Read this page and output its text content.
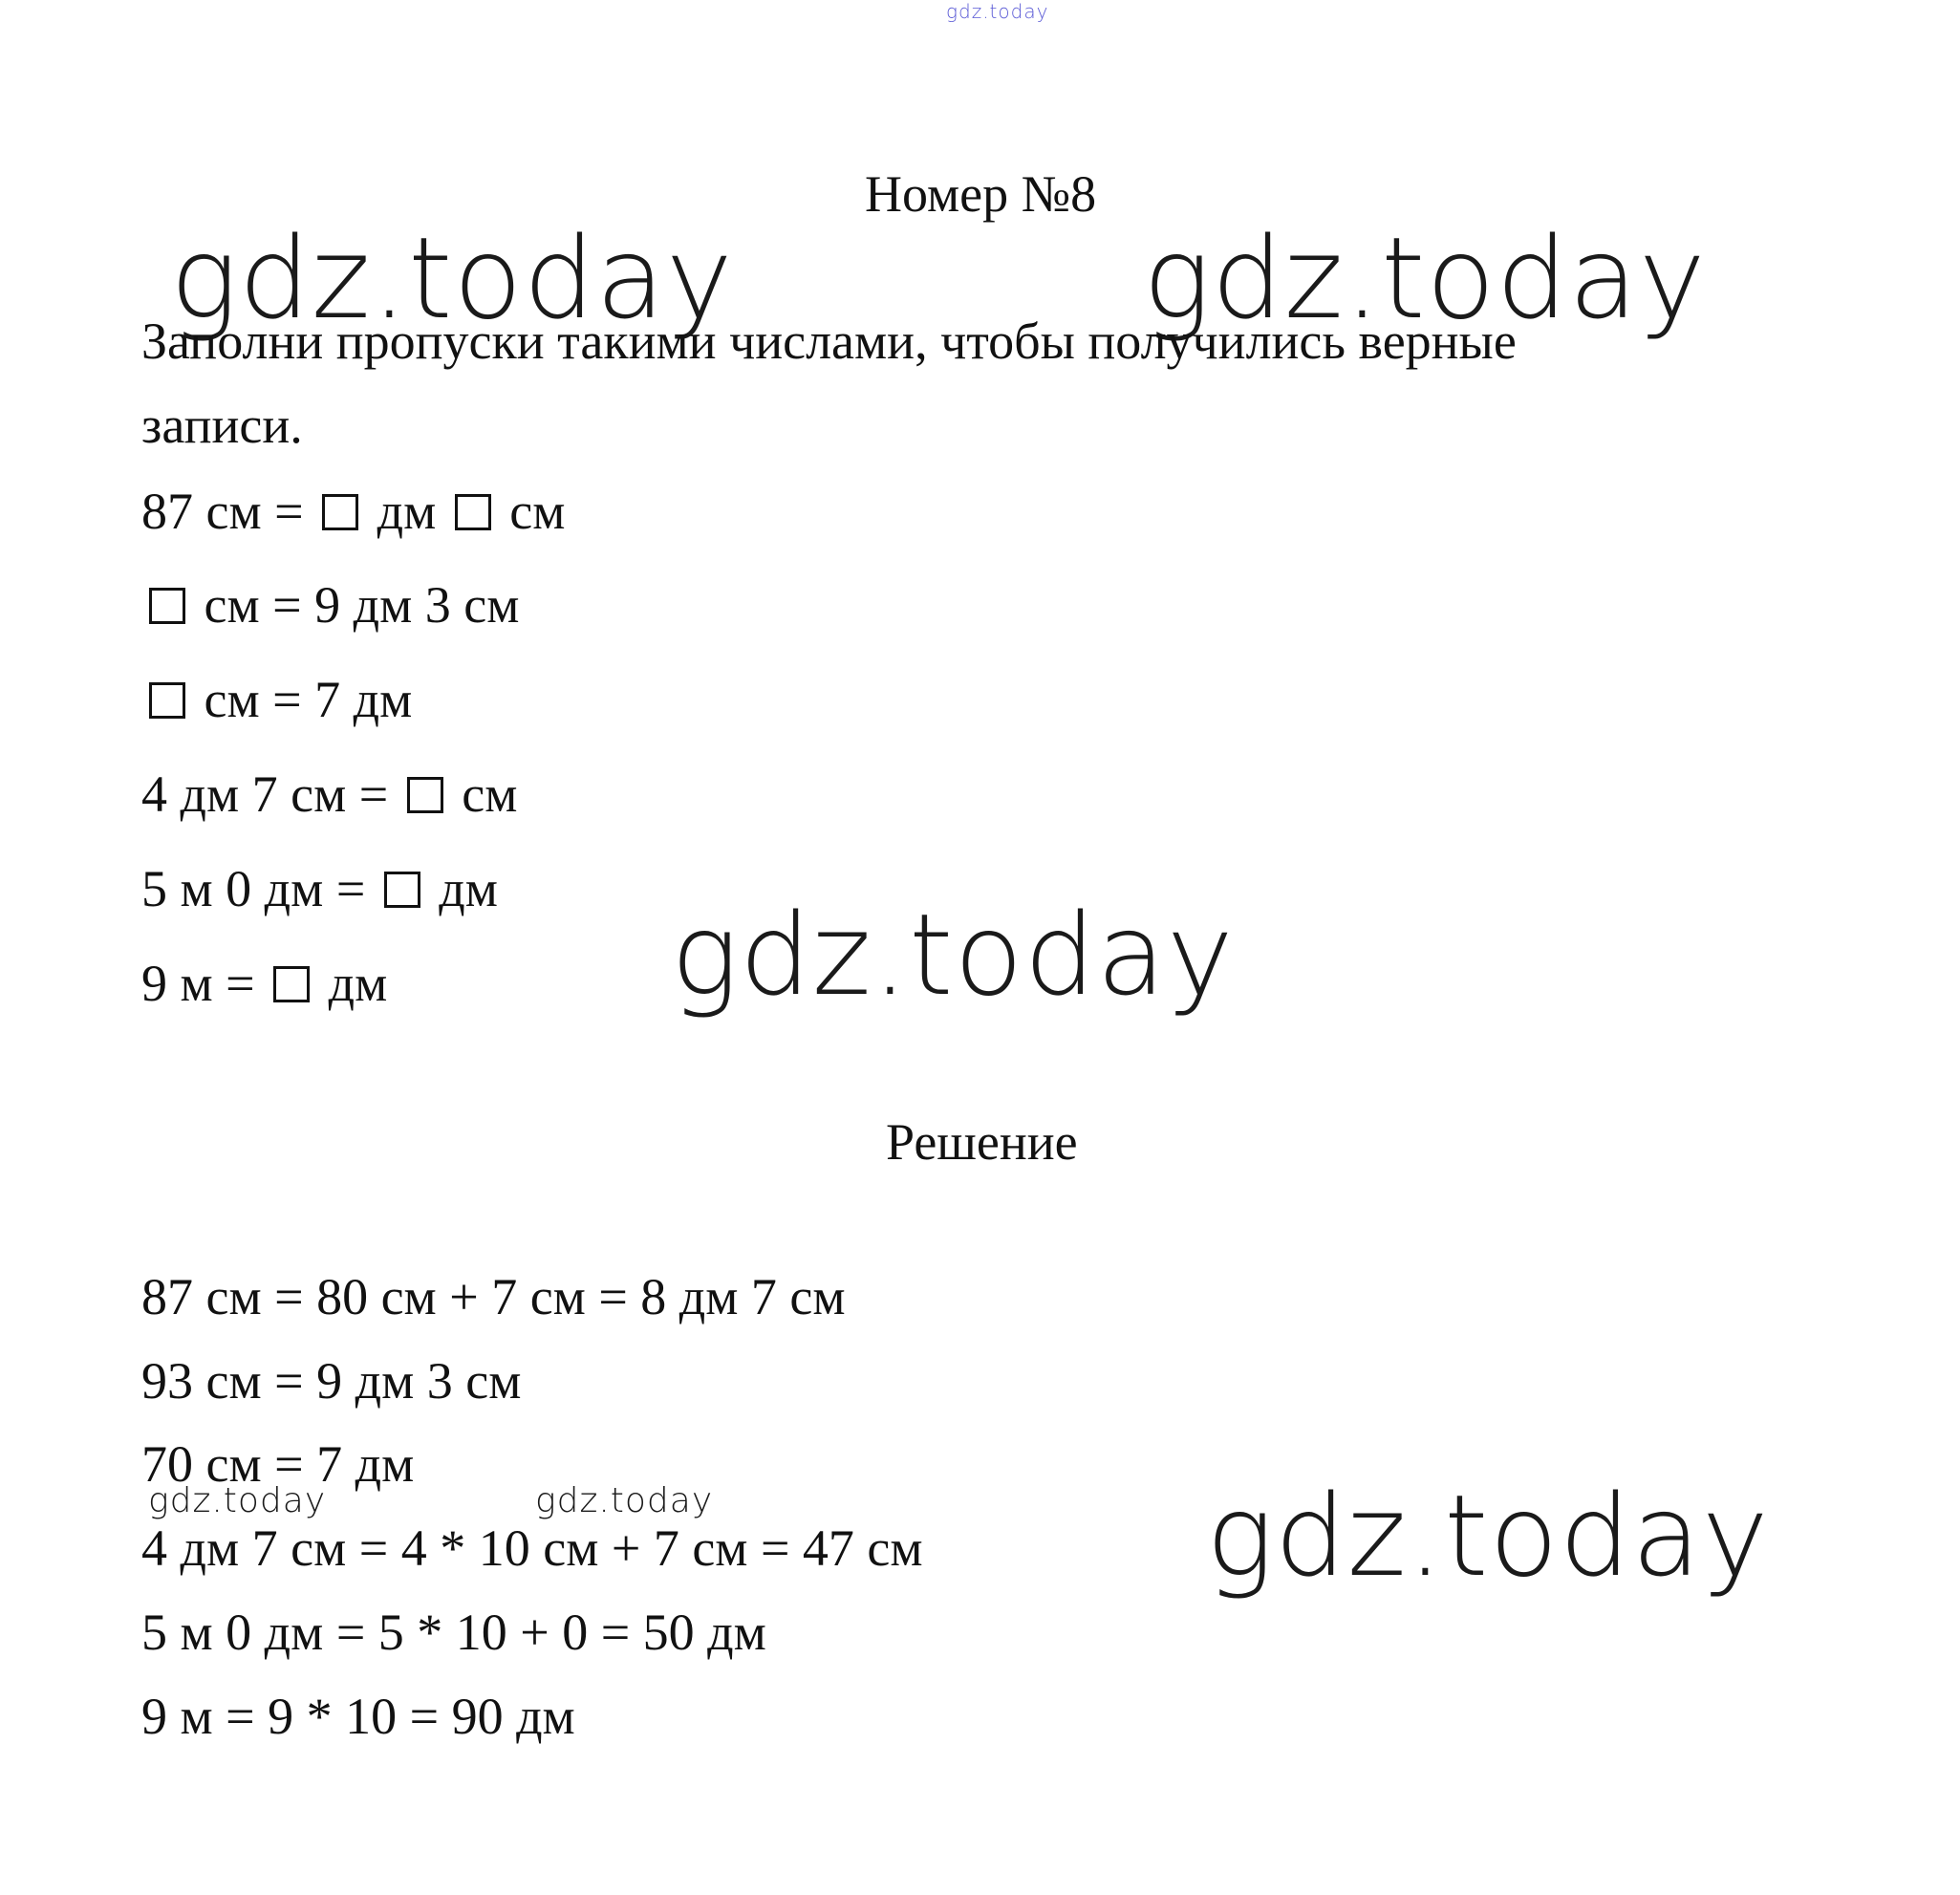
gdz.today
Номер №8
gdz.today	gdz.today
Заполни пропуски такими числами, чтобы получились верные
записи.
87 см =  дм  см
см = 9 дм 3 см
см = 7 дм
4 дм 7 см =  см
5 м 0 дм =  дм
9 м =  дм	gdz.today
Решение
87 см = 80 см + 7 см = 8 дм 7 см
93 см = 9 дм 3 см
70 см = 7 дм
4 дм 7 см = 4 * 10 см + 7 см = 47 см
5 м 0 дм = 5 * 10 + 0 = 50 дм
9 м = 9 * 10 = 90 дм
gdz.today	gdz.today	gdz.today
